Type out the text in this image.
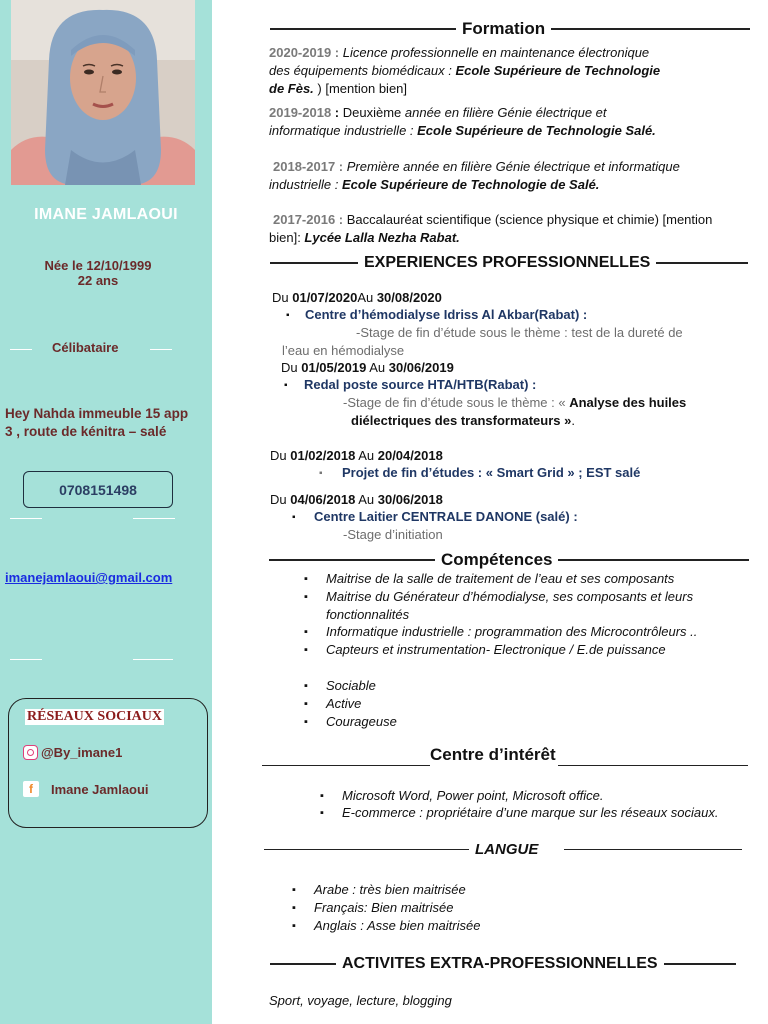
IMANE JAMLAOUI
Née le 12/10/1999
22 ans
Célibataire
Hey Nahda immeuble 15 app
3 , route de kénitra – salé
0708151498
imanejamlaoui@gmail.com
RÉSEAUX SOCIAUX
@By_imane1
f	Imane Jamlaoui
Formation
2020-2019 : Licence professionnelle en maintenance électronique
des équipements biomédicaux : Ecole Supérieure de Technologie
de Fès. ) [mention bien]
2019-2018 : Deuxième année en filière Génie électrique et
informatique industrielle : Ecole Supérieure de Technologie Salé.
2018-2017 : Première année en filière Génie électrique et informatique
industrielle : Ecole Supérieure de Technologie de Salé.
2017-2016 : Baccalauréat scientifique (science physique et chimie) [mention
bien]: Lycée Lalla Nezha Rabat.
EXPERIENCES PROFESSIONNELLES
Du 01/07/2020Au 30/08/2020
▪ Centre d’hémodialyse Idriss Al Akbar(Rabat) :
-Stage de fin d’étude sous le thème : test de la dureté de
l’eau en hémodialyse
Du 01/05/2019 Au 30/06/2019
▪ Redal poste source HTA/HTB(Rabat) :
-Stage de fin d’étude sous le thème : « Analyse des huiles
diélectriques des transformateurs ».
Du 01/02/2018 Au 20/04/2018
▪ Projet de fin d’études : « Smart Grid » ; EST salé
Du 04/06/2018 Au 30/06/2018
▪ Centre Laitier CENTRALE DANONE (salé) :
-Stage d’initiation
Compétences
▪ Maitrise de la salle de traitement de l’eau et ses composants
▪ Maitrise du Générateur d’hémodialyse, ses composants et leurs
fonctionnalités
▪ Informatique industrielle : programmation des Microcontrôleurs ..
▪ Capteurs et instrumentation- Electronique / E.de puissance
▪ Sociable
▪ Active
▪ Courageuse
Centre d’intérêt
▪ Microsoft Word, Power point, Microsoft office.
▪ E-commerce : propriétaire d’une marque sur les réseaux sociaux.
LANGUE
▪ Arabe : très bien maitrisée
▪ Français: Bien maitrisée
▪ Anglais : Asse bien maitrisée
ACTIVITES EXTRA-PROFESSIONNELLES
Sport, voyage, lecture, blogging
